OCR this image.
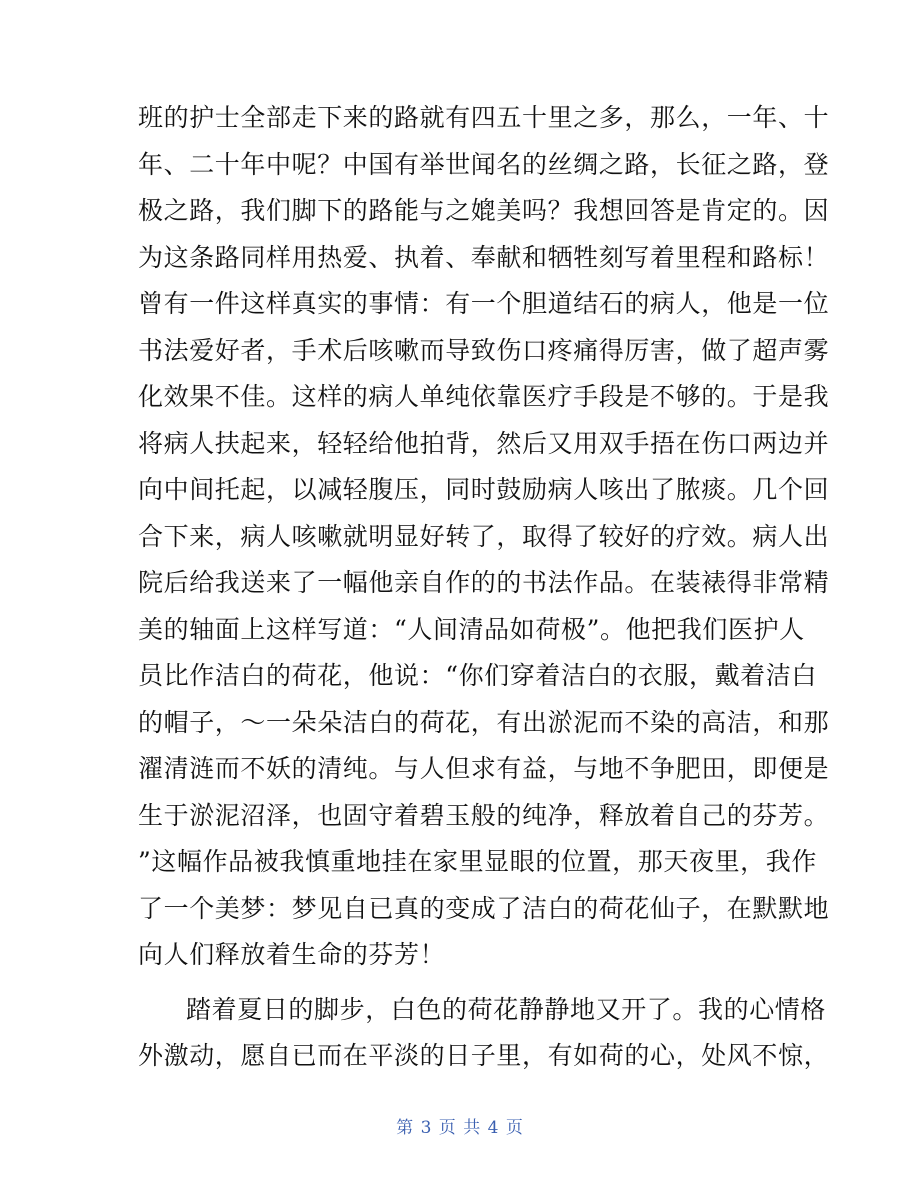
班的护士全部走下来的路就有四五十里之多，那么，一年、十
年、二十年中呢？中国有举世闻名的丝绸之路，长征之路，登
极之路，我们脚下的路能与之媲美吗？我想回答是肯定的。因
为这条路同样用热爱、执着、奉献和牺牲刻写着里程和路标！
曾有一件这样真实的事情：有一个胆道结石的病人，他是一位
书法爱好者，手术后咳嗽而导致伤口疼痛得厉害，做了超声雾
化效果不佳。这样的病人单纯依靠医疗手段是不够的。于是我
将病人扶起来，轻轻给他拍背，然后又用双手捂在伤口两边并
向中间托起，以减轻腹压，同时鼓励病人咳出了脓痰。几个回
合下来，病人咳嗽就明显好转了，取得了较好的疗效。病人出
院后给我送来了一幅他亲自作的的书法作品。在装裱得非常精
美的轴面上这样写道：“人间清品如荷极”。他把我们医护人
员比作洁白的荷花，他说：“你们穿着洁白的衣服，戴着洁白
的帽子，～一朵朵洁白的荷花，有出淤泥而不染的高洁，和那
濯清涟而不妖的清纯。与人但求有益，与地不争肥田，即便是
生于淤泥沼泽，也固守着碧玉般的纯净，释放着自己的芬芳。
”这幅作品被我慎重地挂在家里显眼的位置，那天夜里，我作
了一个美梦：梦见自已真的变成了洁白的荷花仙子，在默默地
向人们释放着生命的芬芳！
踏着夏日的脚步，白色的荷花静静地又开了。我的心情格
外激动，愿自已而在平淡的日子里，有如荷的心，处风不惊，
第 3 页 共 4 页
